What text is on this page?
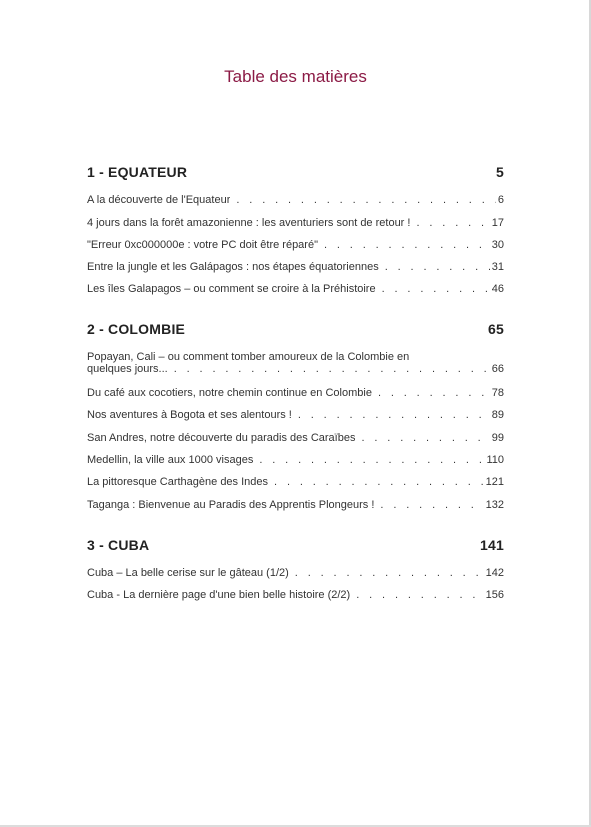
Table des matières
1 - EQUATEUR	5
A la découverte de l'Equateur . . .	6
4 jours dans la forêt amazonienne : les aventuriers sont de retour ! . . .	17
"Erreur 0xc000000e : votre PC doit être réparé" . . .	30
Entre la jungle et les Galápagos : nos étapes équatoriennes . . .	31
Les îles Galapagos – ou comment se croire à la Préhistoire . . .	46
2 - COLOMBIE	65
Popayan, Cali – ou comment tomber amoureux de la Colombie en
quelques jours... . . .	66
Du café aux cocotiers, notre chemin continue en Colombie . . .	78
Nos aventures à Bogota et ses alentours ! . . .	89
San Andres, notre découverte du paradis des Caraïbes . . .	99
Medellin, la ville aux 1000 visages . . .	110
La pittoresque Carthagène des Indes . . .	121
Taganga : Bienvenue au Paradis des Apprentis Plongeurs ! . . .	132
3 - CUBA	141
Cuba – La belle cerise sur le gâteau (1/2) . . .	142
Cuba - La dernière page d'une bien belle histoire (2/2) . . .	156
